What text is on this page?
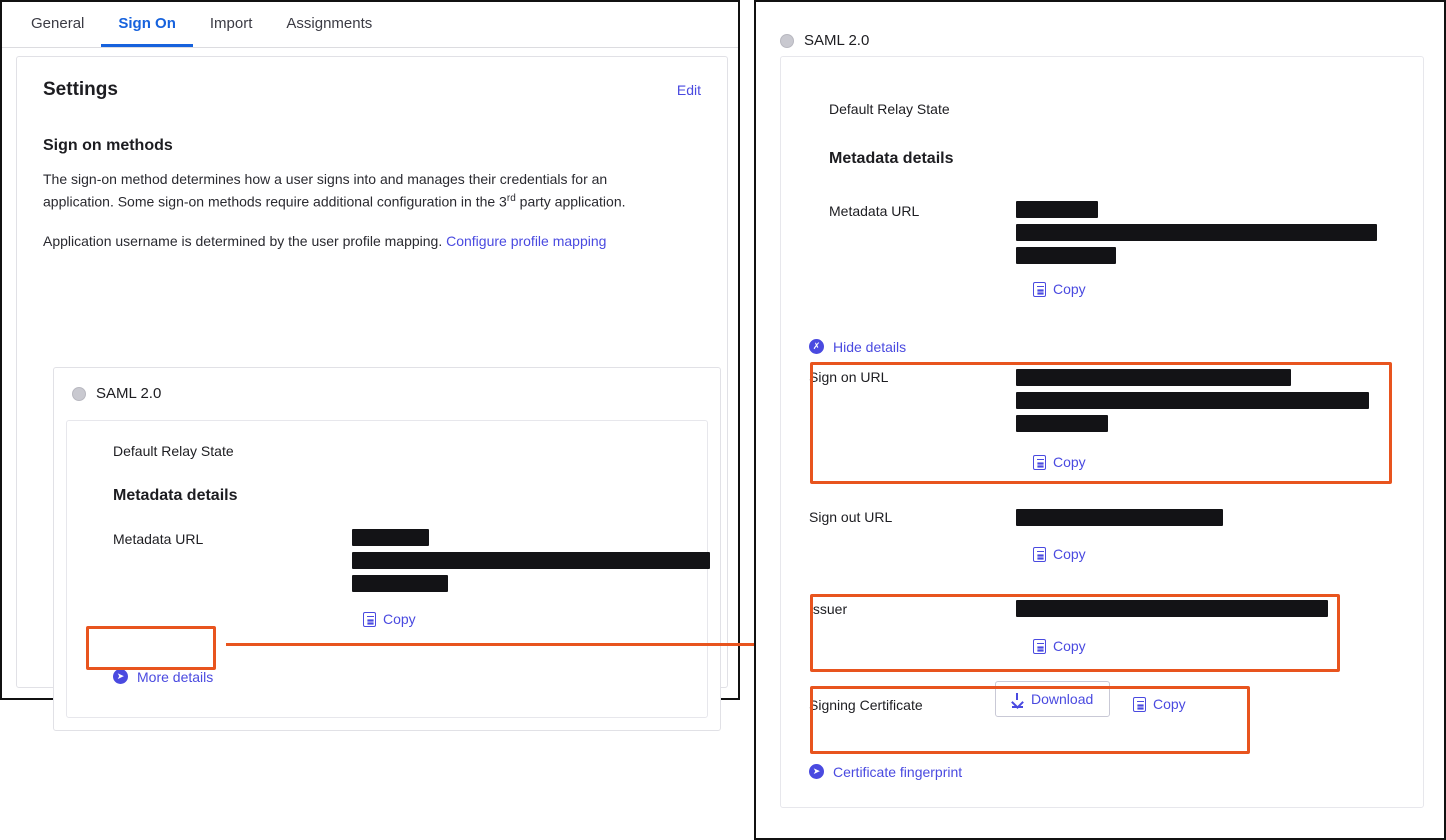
General	Sign On	Import	Assignments
Settings	Edit
Sign on methods
The sign-on method determines how a user signs into and manages their credentials for an application. Some sign-on methods require additional configuration in the 3rd party application.
Application username is determined by the user profile mapping. Configure profile mapping
SAML 2.0
Default Relay State
Metadata details
Metadata URL
Copy
➤ More details
SAML 2.0
Default Relay State
Metadata details
Metadata URL
Copy
✗ Hide details
Sign on URL
Copy
Sign out URL
Copy
Issuer
Copy
Signing Certificate	Download	Copy
➤ Certificate fingerprint
